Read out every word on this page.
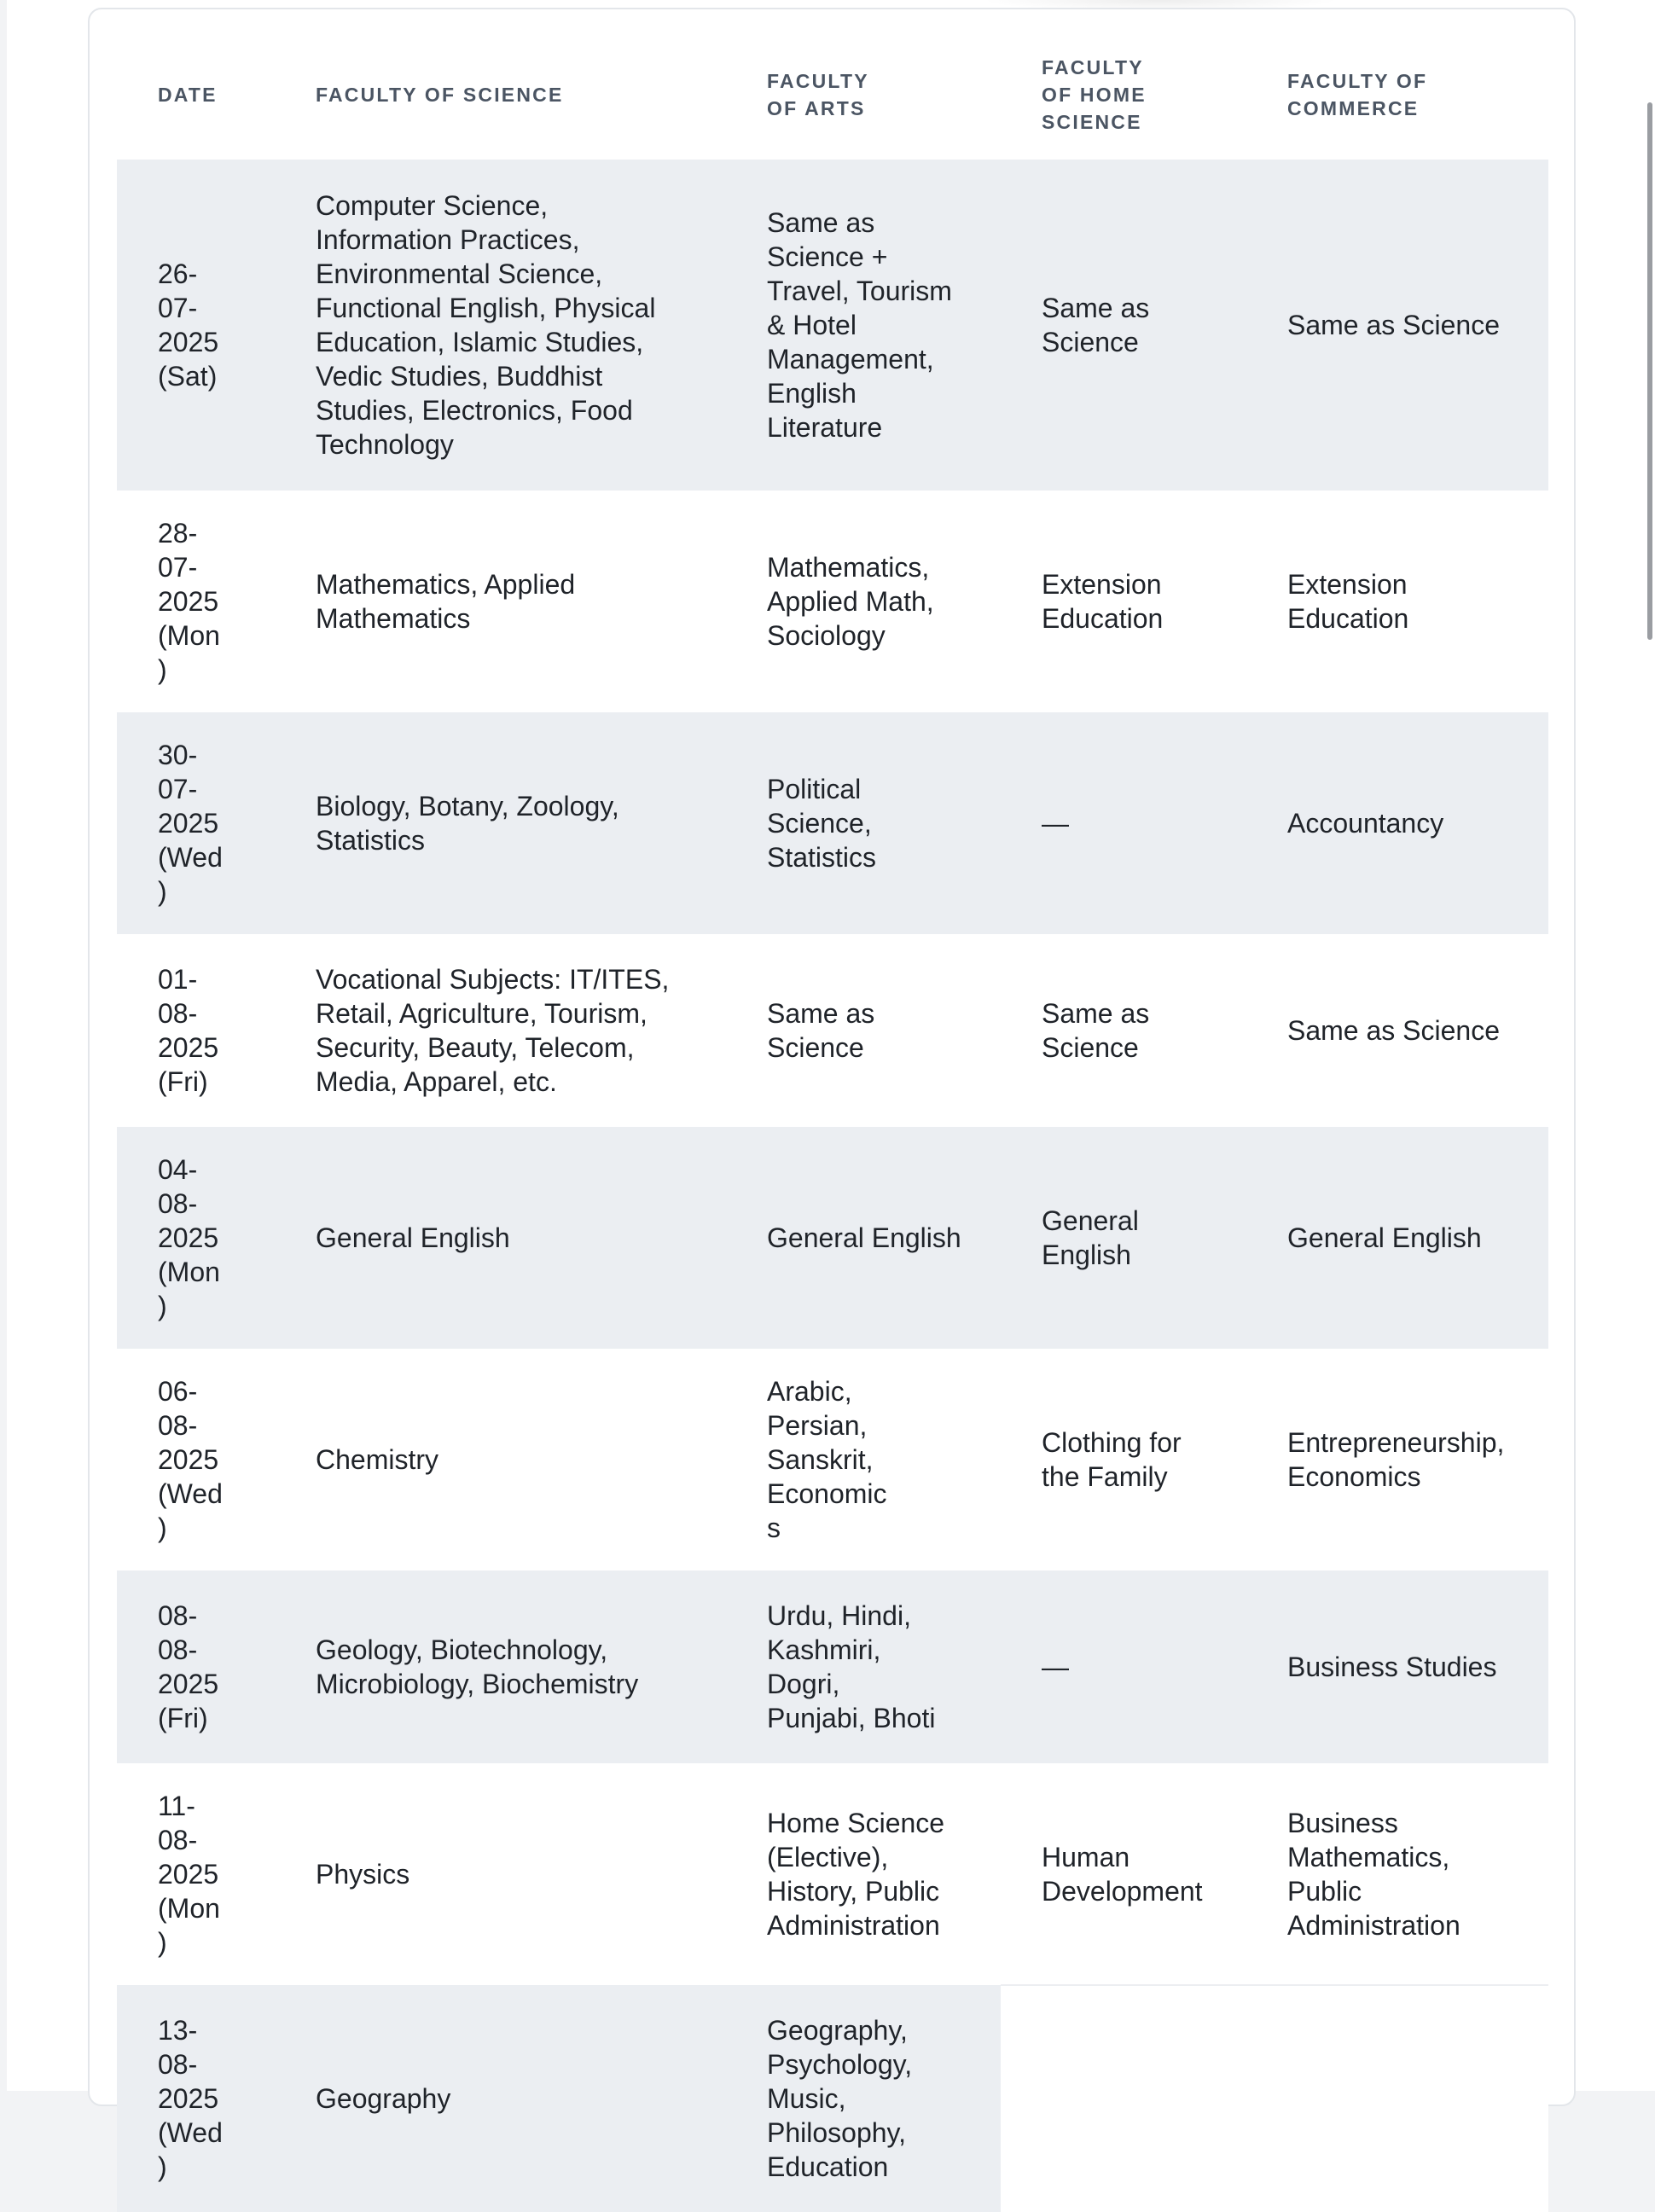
DATE	FACULTY OF SCIENCE	FACULTY OF ARTS	FACULTY OF HOME SCIENCE	FACULTY OF COMMERCE
26-07-2025 (Sat)	Computer Science, Information Practices, Environmental Science, Functional English, Physical Education, Islamic Studies, Vedic Studies, Buddhist Studies, Electronics, Food Technology	Same as Science + Travel, Tourism & Hotel Management, English Literature	Same as Science	Same as Science
28-07-2025 (Mon)	Mathematics, Applied Mathematics	Mathematics, Applied Math, Sociology	Extension Education	Extension Education
30-07-2025 (Wed)	Biology, Botany, Zoology, Statistics	Political Science, Statistics	—	Accountancy
01-08-2025 (Fri)	Vocational Subjects: IT/ITES, Retail, Agriculture, Tourism, Security, Beauty, Telecom, Media, Apparel, etc.	Same as Science	Same as Science	Same as Science
04-08-2025 (Mon)	General English	General English	General English	General English
06-08-2025 (Wed)	Chemistry	Arabic, Persian, Sanskrit, Economics	Clothing for the Family	Entrepreneurship, Economics
08-08-2025 (Fri)	Geology, Biotechnology, Microbiology, Biochemistry	Urdu, Hindi, Kashmiri, Dogri, Punjabi, Bhoti	—	Business Studies
11-08-2025 (Mon)	Physics	Home Science (Elective), History, Public Administration	Human Development	Business Mathematics, Public Administration
13-08-2025 (Wed)	Geography	Geography, Psychology, Music, Philosophy, Education		
